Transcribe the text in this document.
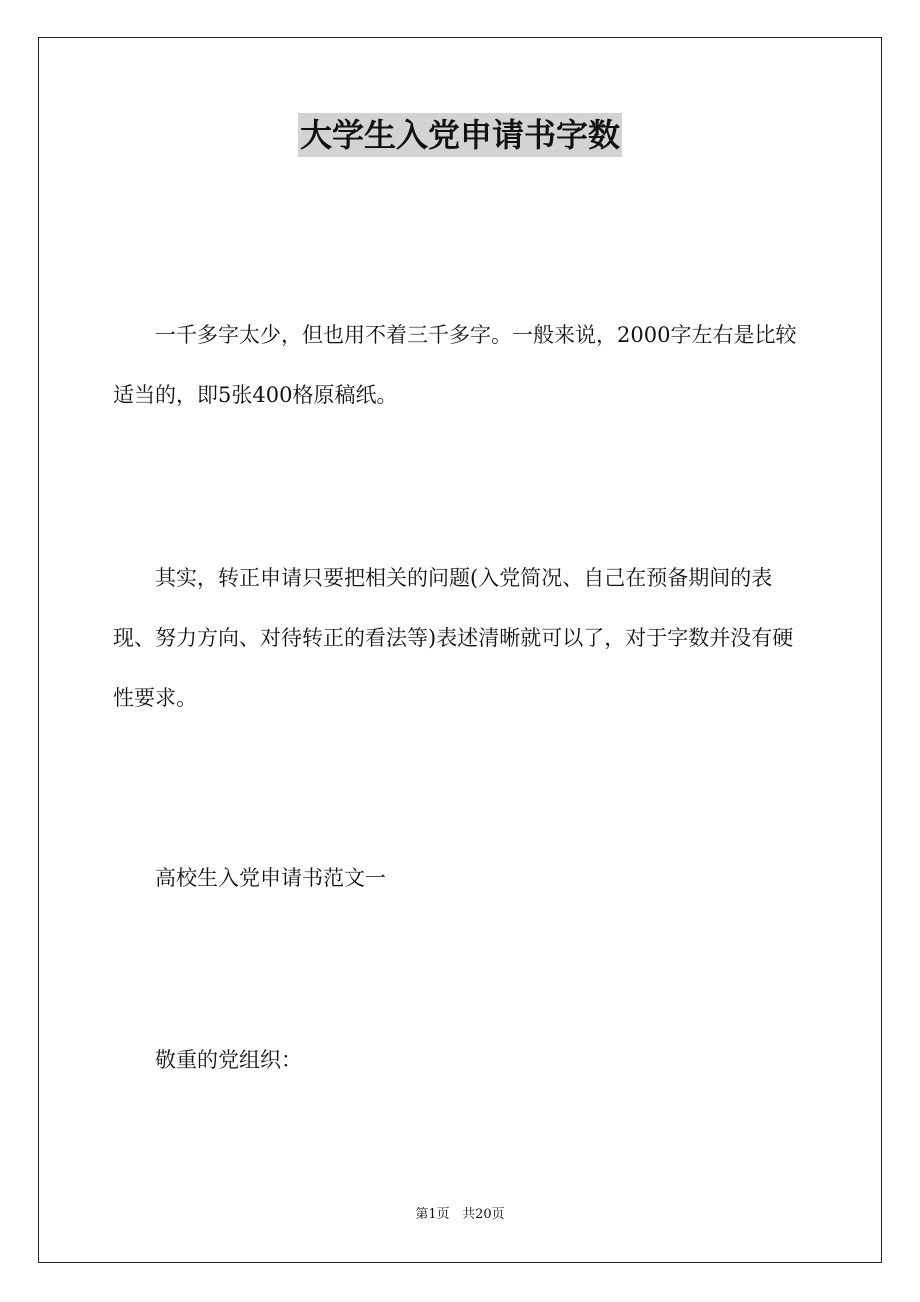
大学生入党申请书字数

一千多字太少，但也用不着三千多字。一般来说，2000字左右是比较适当的，即5张400格原稿纸。

其实，转正申请只要把相关的问题(入党简况、自己在预备期间的表现、努力方向、对待转正的看法等)表述清晰就可以了，对于字数并没有硬性要求。

高校生入党申请书范文一

敬重的党组织：

第1页 共20页
